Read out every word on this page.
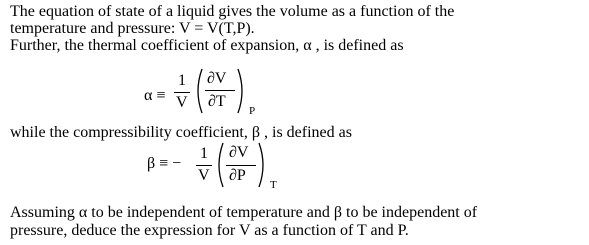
The equation of state of a liquid gives the volume as a function of the
temperature and pressure: V = V(T,P).
Further, the thermal coefficient of expansion, α , is defined as
α ≡
1
V
∂V
∂T
P
while the compressibility coefficient, β , is defined as
β ≡ −
1
V
∂V
∂P
T
Assuming α to be independent of temperature and β to be independent of
pressure, deduce the expression for V as a function of T and P.
